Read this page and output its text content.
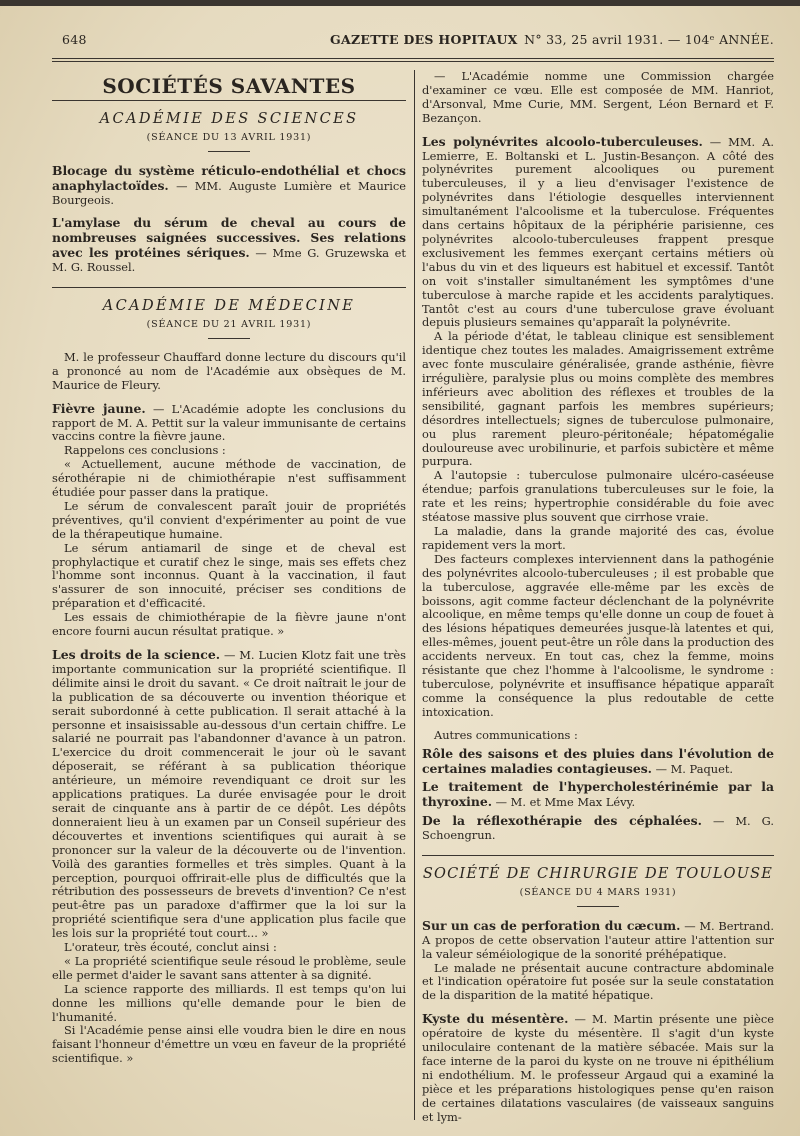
648	GAZETTE DES HOPITAUX N° 33, 25 avril 1931. — 104ᵉ ANNÉE.
SOCIÉTÉS SAVANTES
ACADÉMIE DES SCIENCES
(SÉANCE DU 13 AVRIL 1931)

Blocage du système réticulo-endothélial et chocs anaphylactoïdes. — MM. Auguste Lumière et Maurice Bourgeois.

L'amylase du sérum de cheval au cours de nombreuses saignées successives. Ses relations avec les protéines sériques. — Mme G. Gruzewska et M. G. Roussel.

ACADÉMIE DE MÉDECINE
(SÉANCE DU 21 AVRIL 1931)

M. le professeur Chauffard donne lecture du discours qu'il a prononcé au nom de l'Académie aux obsèques de M. Maurice de Fleury.

Fièvre jaune. — L'Académie adopte les conclusions du rapport de M. A. Pettit sur la valeur immunisante de certains vaccins contre la fièvre jaune.

Rappelons ces conclusions :

« Actuellement, aucune méthode de vaccination, de sérothérapie ni de chimiothérapie n'est suffisamment étudiée pour passer dans la pratique.

Le sérum de convalescent paraît jouir de propriétés préventives, qu'il convient d'expérimenter au point de vue de la thérapeutique humaine.

Le sérum antiamaril de singe et de cheval est prophylactique et curatif chez le singe, mais ses effets chez l'homme sont inconnus. Quant à la vaccination, il faut s'assurer de son innocuité, préciser ses conditions de préparation et d'efficacité.

Les essais de chimiothérapie de la fièvre jaune n'ont encore fourni aucun résultat pratique. »

Les droits de la science. — M. Lucien Klotz fait une très importante communication sur la propriété scientifique. Il délimite ainsi le droit du savant. « Ce droit naîtrait le jour de la publication de sa découverte ou invention théorique et serait subordonné à cette publication. Il serait attaché à la personne et insaisissable au-dessous d'un certain chiffre. Le salarié ne pourrait pas l'abandonner d'avance à un patron. L'exercice du droit commencerait le jour où le savant déposerait, se référant à sa publication théorique antérieure, un mémoire revendiquant ce droit sur les applications pratiques. La durée envisagée pour le droit serait de cinquante ans à partir de ce dépôt. Les dépôts donneraient lieu à un examen par un Conseil supérieur des découvertes et inventions scientifiques qui aurait à se prononcer sur la valeur de la découverte ou de l'invention. Voilà des garanties formelles et très simples. Quant à la perception, pourquoi offrirait-elle plus de difficultés que la rétribution des possesseurs de brevets d'invention? Ce n'est peut-être pas un paradoxe d'affirmer que la loi sur la propriété scientifique sera d'une application plus facile que les lois sur la propriété tout court... »

L'orateur, très écouté, conclut ainsi :

« La propriété scientifique seule résoud le problème, seule elle permet d'aider le savant sans attenter à sa dignité.

La science rapporte des milliards. Il est temps qu'on lui donne les millions qu'elle demande pour le bien de l'humanité.

Si l'Académie pense ainsi elle voudra bien le dire en nous faisant l'honneur d'émettre un vœu en faveur de la propriété scientifique. »

— L'Académie nomme une Commission chargée d'examiner ce vœu. Elle est composée de MM. Hanriot, d'Arsonval, Mme Curie, MM. Sergent, Léon Bernard et F. Bezançon.

Les polynévrites alcoolo-tuberculeuses. — MM. A. Lemierre, E. Boltanski et L. Justin-Besançon. A côté des polynévrites purement alcooliques ou purement tuberculeuses, il y a lieu d'envisager l'existence de polynévrites dans l'étiologie desquelles interviennent simultanément l'alcoolisme et la tuberculose. Fréquentes dans certains hôpitaux de la périphérie parisienne, ces polynévrites alcoolo-tuberculeuses frappent presque exclusivement les femmes exerçant certains métiers où l'abus du vin et des liqueurs est habituel et excessif. Tantôt on voit s'installer simultanément les symptômes d'une tuberculose à marche rapide et les accidents paralytiques. Tantôt c'est au cours d'une tuberculose grave évoluant depuis plusieurs semaines qu'apparaît la polynévrite.

A la période d'état, le tableau clinique est sensiblement identique chez toutes les malades. Amaigrissement extrême avec fonte musculaire généralisée, grande asthénie, fièvre irrégulière, paralysie plus ou moins complète des membres inférieurs avec abolition des réflexes et troubles de la sensibilité, gagnant parfois les membres supérieurs; désordres intellectuels; signes de tuberculose pulmonaire, ou plus rarement pleuro-péritonéale; hépatomégalie douloureuse avec urobilinurie, et parfois subictère et même purpura.

A l'autopsie : tuberculose pulmonaire ulcéro-caséeuse étendue; parfois granulations tuberculeuses sur le foie, la rate et les reins; hypertrophie considérable du foie avec stéatose massive plus souvent que cirrhose vraie.

La maladie, dans la grande majorité des cas, évolue rapidement vers la mort.

Des facteurs complexes interviennent dans la pathogénie des polynévrites alcoolo-tuberculeuses ; il est probable que la tuberculose, aggravée elle-même par les excès de boissons, agit comme facteur déclenchant de la polynévrite alcoolique, en même temps qu'elle donne un coup de fouet à des lésions hépatiques demeurées jusque-là latentes et qui, elles-mêmes, jouent peut-être un rôle dans la production des accidents nerveux. En tout cas, chez la femme, moins résistante que chez l'homme à l'alcoolisme, le syndrome : tuberculose, polynévrite et insuffisance hépatique apparaît comme la conséquence la plus redoutable de cette intoxication.

Autres communications :

Rôle des saisons et des pluies dans l'évolution de certaines maladies contagieuses. — M. Paquet.

Le traitement de l'hypercholestérinémie par la thyroxine. — M. et Mme Max Lévy.

De la réflexothérapie des céphalées. — M. G. Schoengrun.

SOCIÉTÉ DE CHIRURGIE DE TOULOUSE
(SÉANCE DU 4 MARS 1931)

Sur un cas de perforation du cæcum. — M. Bertrand. A propos de cette observation l'auteur attire l'attention sur la valeur séméiologique de la sonorité préhépatique.

Le malade ne présentait aucune contracture abdominale et l'indication opératoire fut posée sur la seule constatation de la disparition de la matité hépatique.

Kyste du mésentère. — M. Martin présente une pièce opératoire de kyste du mésentère. Il s'agit d'un kyste uniloculaire contenant de la matière sébacée. Mais sur la face interne de la paroi du kyste on ne trouve ni épithélium ni endothélium. M. le professeur Argaud qui a examiné la pièce et les préparations histologiques pense qu'en raison de certaines dilatations vasculaires (de vaisseaux sanguins et lym-
